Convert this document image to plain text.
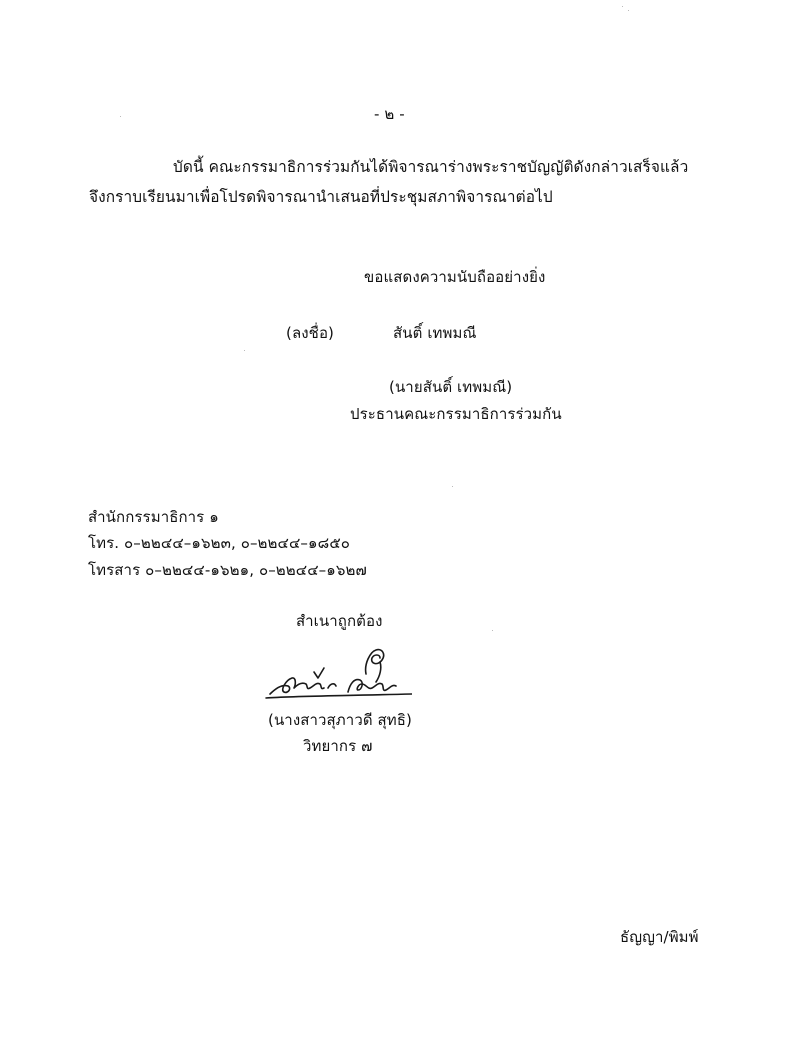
- ๒ -
บัดนี้ คณะกรรมาธิการร่วมกันได้พิจารณาร่างพระราชบัญญัติดังกล่าวเสร็จแล้ว
จึงกราบเรียนมาเพื่อโปรดพิจารณานำเสนอที่ประชุมสภาพิจารณาต่อไป
ขอแสดงความนับถืออย่างยิ่ง
(ลงชื่อ)	สันติ์ เทพมณี
(นายสันติ์ เทพมณี)
ประธานคณะกรรมาธิการร่วมกัน
สำนักกรรมาธิการ ๑
โทร. ๐–๒๒๔๔–๑๖๒๓, ๐–๒๒๔๔–๑๘๕๐
โทรสาร ๐–๒๒๔๔-๑๖๒๑, ๐–๒๒๔๔–๑๖๒๗
สำเนาถูกต้อง
(นางสาวสุภาวดี สุทธิ)
วิทยากร ๗
ธัญญา/พิมพ์
